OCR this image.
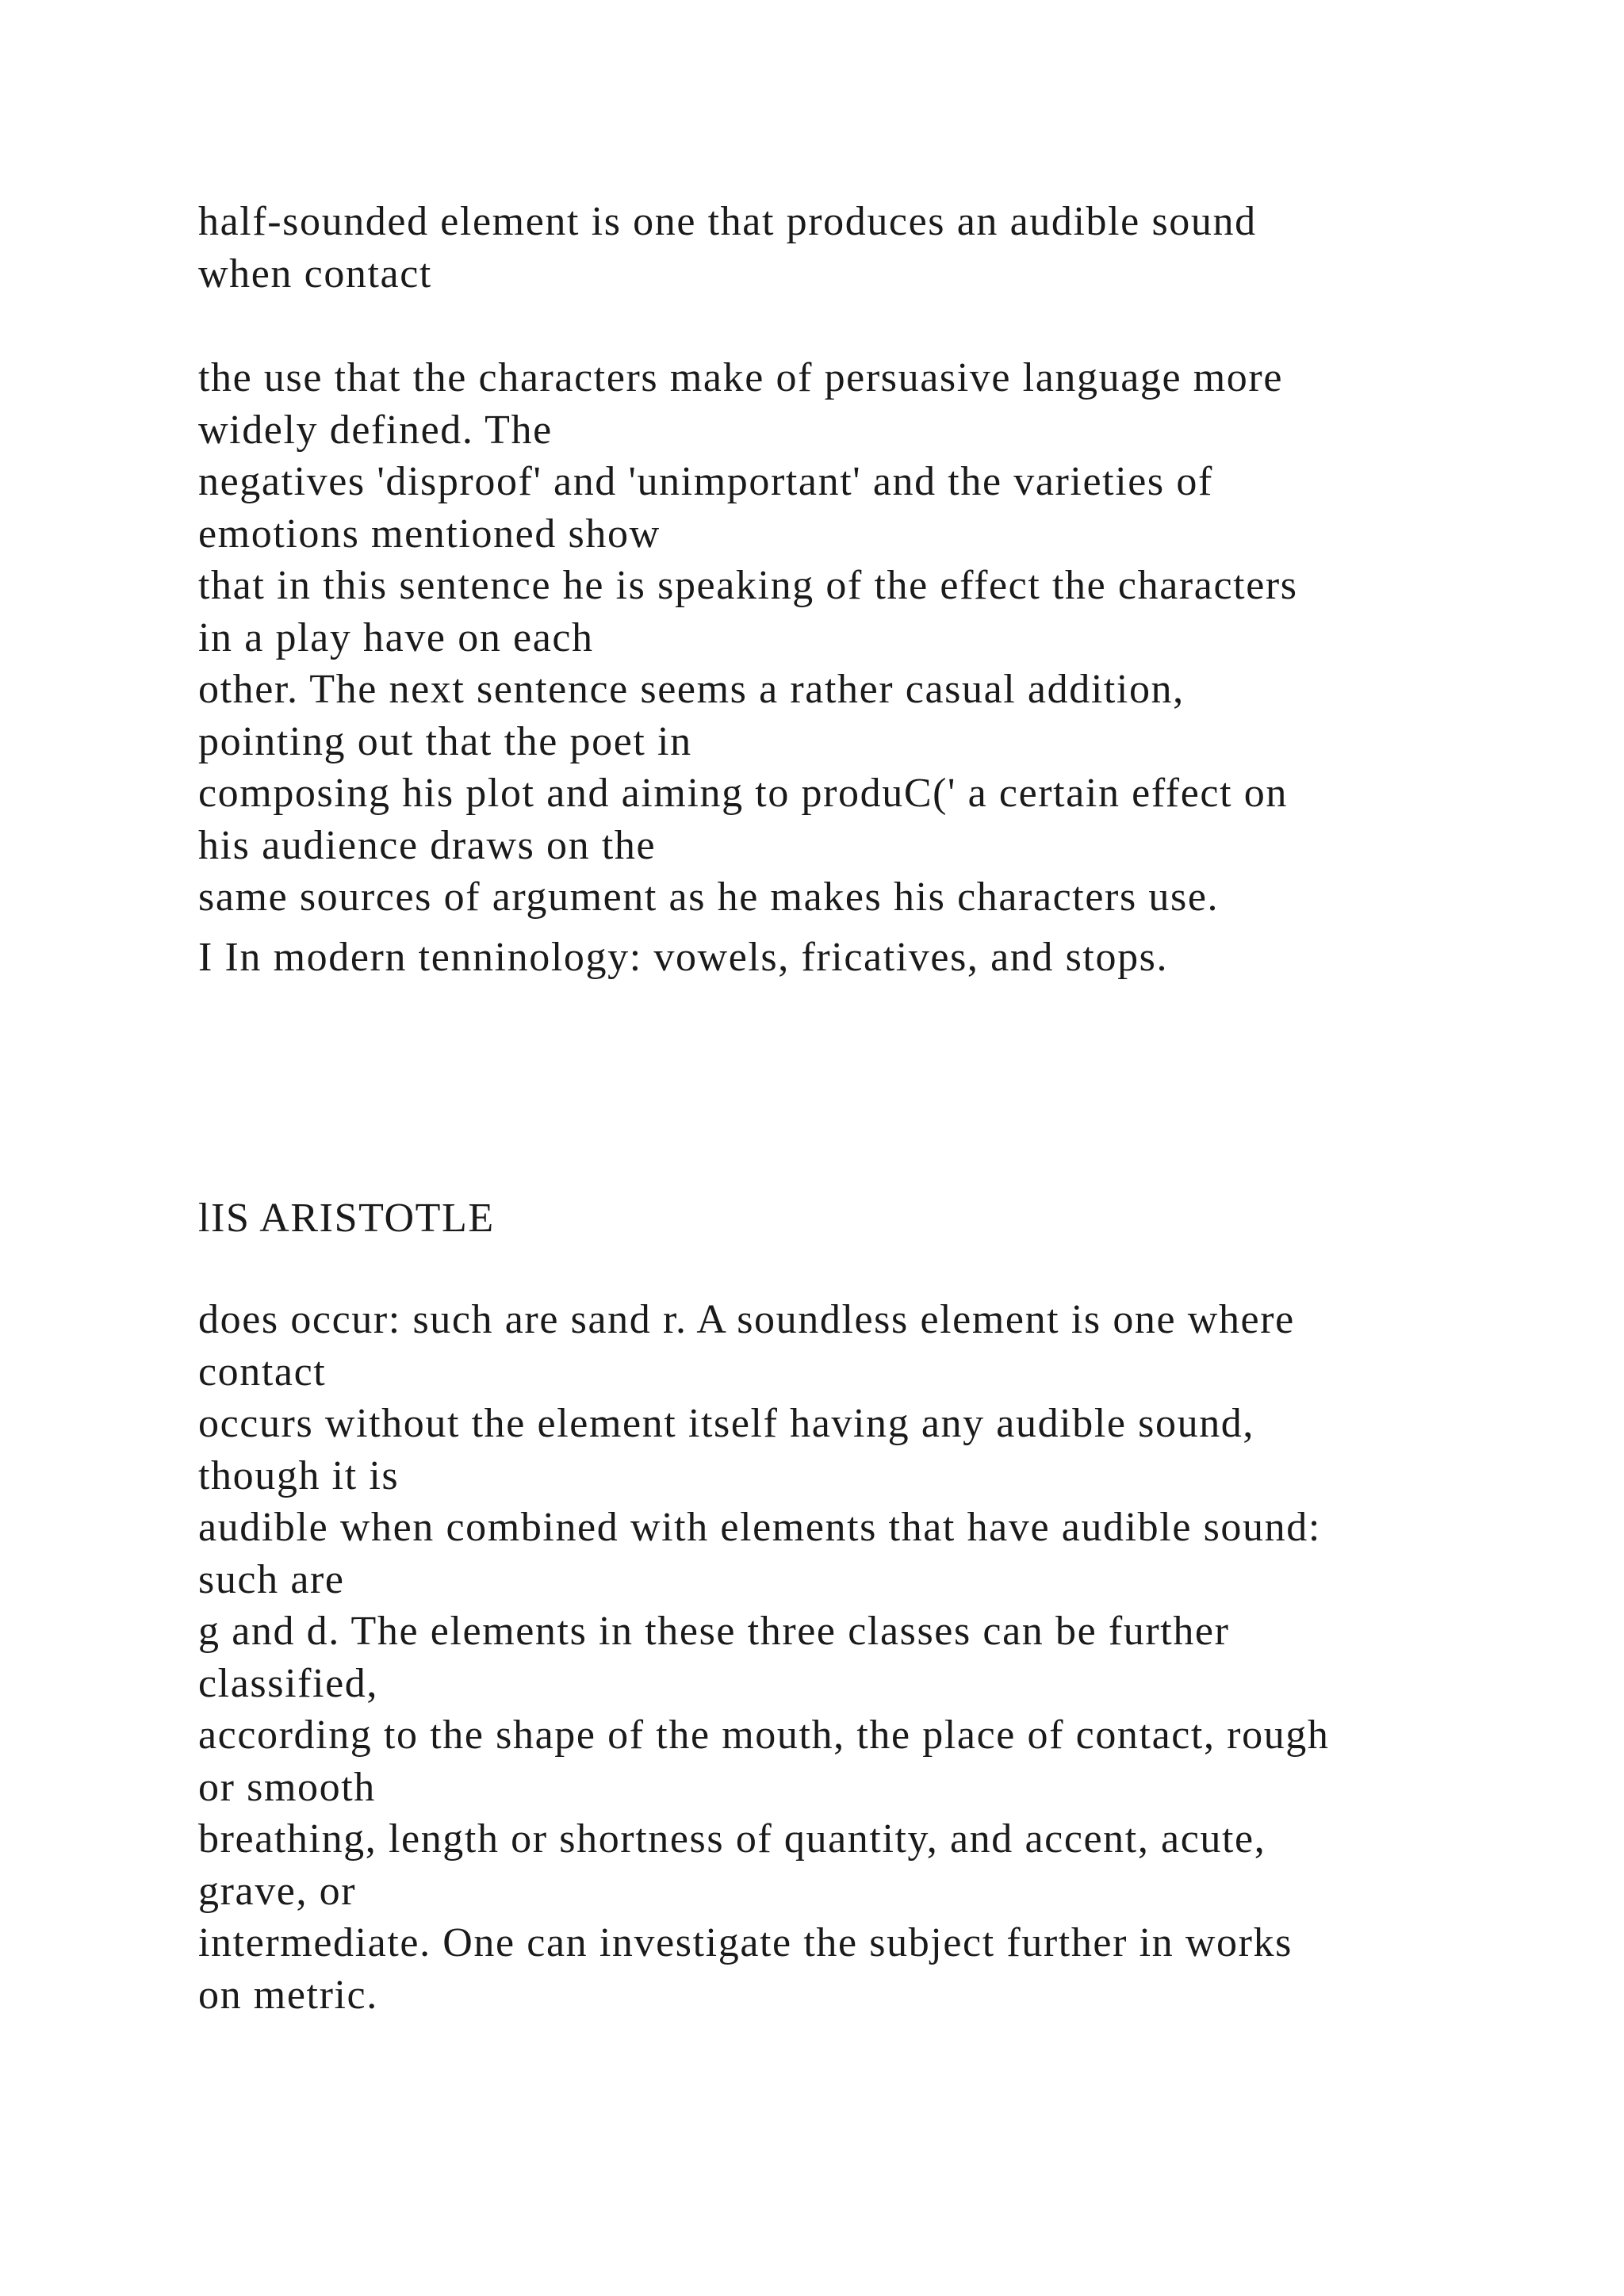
half-sounded element is one that produces an audible sound
when contact
the use that the characters make of persuasive language more
widely defined. The
negatives 'disproof' and 'unimportant' and the varieties of
emotions mentioned show
that in this sentence he is speaking of the effect the characters
in a play have on each
other. The next sentence seems a rather casual addition,
pointing out that the poet in
composing his plot and aiming to produC(' a certain effect on
his audience draws on the
same sources of argument as he makes his characters use.
I In modern tenninology: vowels, fricatives, and stops.
lIS ARISTOTLE
does occur: such are sand r. A soundless element is one where
contact
occurs without the element itself having any audible sound,
though it is
audible when combined with elements that have audible sound:
such are
g and d. The elements in these three classes can be further
classified,
according to the shape of the mouth, the place of contact, rough
or smooth
breathing, length or shortness of quantity, and accent, acute,
grave, or
intermediate. One can investigate the subject further in works
on metric.
